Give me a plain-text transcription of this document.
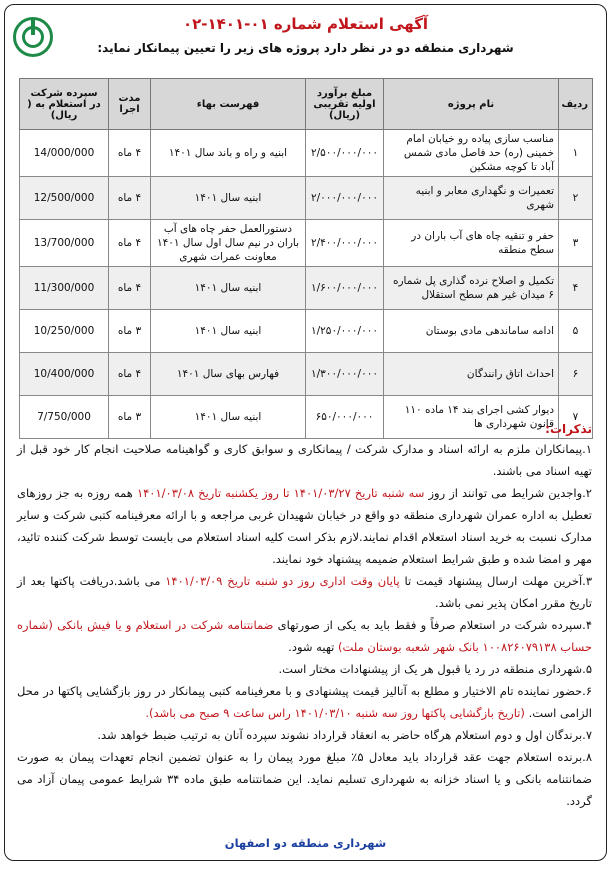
آگهی استعلام شماره ۰۱-۱۴۰۱-۰۲
شهرداری منطقه دو در نظر دارد پروژه های زیر را تعیین پیمانکار نماید:
ردیف	نام پروژه	مبلغ برآورد اولیه تقریبی (ریال)	فهرست بهاء	مدت اجرا	سپرده شرکت در استعلام به ( ریال)
۱	مناسب سازی پیاده رو خیابان امام خمینی (ره) حد فاصل مادی شمس آباد تا کوچه مشکین	۲/۵۰۰/۰۰۰/۰۰۰	ابنیه و راه و باند سال ۱۴۰۱	۴ ماه	14/000/000
۲	تعمیرات و نگهداری معابر و ابنیه شهری	۲/۰۰۰/۰۰۰/۰۰۰	ابنیه سال ۱۴۰۱	۴ ماه	12/500/000
۳	حفر و تنقیه چاه های آب باران در سطح منطقه	۲/۴۰۰/۰۰۰/۰۰۰	دستورالعمل حفر چاه های آب باران در نیم سال اول سال ۱۴۰۱ معاونت عمرات شهری	۴ ماه	13/700/000
۴	تکمیل و اصلاح نرده گذاری پل شماره ۶ میدان غیر هم سطح استقلال	۱/۶۰۰/۰۰۰/۰۰۰	ابنیه سال ۱۴۰۱	۴ ماه	11/300/000
۵	ادامه ساماندهی مادی بوستان	۱/۲۵۰/۰۰۰/۰۰۰	ابنیه سال ۱۴۰۱	۳ ماه	10/250/000
۶	احداث اتاق رانندگان	۱/۳۰۰/۰۰۰/۰۰۰	فهارس بهای سال ۱۴۰۱	۴ ماه	10/400/000
۷	دیوار کشی اجرای بند ۱۴ ماده ۱۱۰ قانون شهرداری ها	۶۵۰/۰۰۰/۰۰۰	ابنیه سال ۱۴۰۱	۳ ماه	7/750/000
تذکرات:

۱.پیمانکاران ملزم به ارائه اسناد و مدارک شرکت / پیمانکاری و سوابق کاری و گواهینامه صلاحیت انجام کار خود قبل از تهیه اسناد می باشند.

۲.واجدین شرایط می توانند از روز سه شنبه تاریخ ۱۴۰۱/۰۳/۲۷ تا روز یکشنبه تاریخ ۱۴۰۱/۰۳/۰۸ همه روزه به جز روزهای تعطیل به اداره عمران شهرداری منطقه دو واقع در خیابان شهیدان غربی مراجعه و با ارائه معرفینامه کتبی شرکت و سایر مدارک نسبت به خرید اسناد استعلام اقدام نمایند.لازم بذکر است کلیه اسناد استعلام می بایست توسط شرکت کننده تائید، مهر و امضا شده و طبق شرایط استعلام ضمیمه پیشنهاد خود نمایند.

۳.آخرین مهلت ارسال پیشنهاد قیمت تا پایان وقت اداری روز دو شنبه تاریخ ۱۴۰۱/۰۳/۰۹ می باشد.دریافت پاکتها بعد از تاریخ مقرر امکان پذیر نمی باشد.

۴.سپرده شرکت در استعلام صرفاً و فقط باید به یکی از صورتهای ضمانتنامه شرکت در استعلام و یا فیش بانکی (شماره حساب ۱۰۰۸۲۶۰۷۹۱۳۸ بانک شهر شعبه بوستان ملت) تهیه شود.

۵.شهرداری منطقه در رد یا قبول هر یک از پیشنهادات مختار است.

۶.حضور نماینده تام الاختیار و مطلع به آنالیز قیمت پیشنهادی و با معرفینامه کتبی پیمانکار در روز بازگشایی پاکتها در محل الزامی است. (تاریخ بازگشایی پاکتها روز سه شنبه ۱۴۰۱/۰۳/۱۰ راس ساعت ۹ صبح می باشد).

۷.برندگان اول و دوم استعلام هرگاه حاضر به انعقاد قرارداد نشوند سپرده آنان به ترتیب ضبط خواهد شد.

۸.برنده استعلام جهت عقد قرارداد باید معادل ۵٪ مبلغ مورد پیمان را به عنوان تضمین انجام تعهدات پیمان به صورت ضمانتنامه بانکی و یا اسناد خزانه به شهرداری تسلیم نماید. این ضمانتنامه طبق ماده ۳۴ شرایط عمومی پیمان آزاد می گردد.

شهرداری منطقه دو اصفهان
